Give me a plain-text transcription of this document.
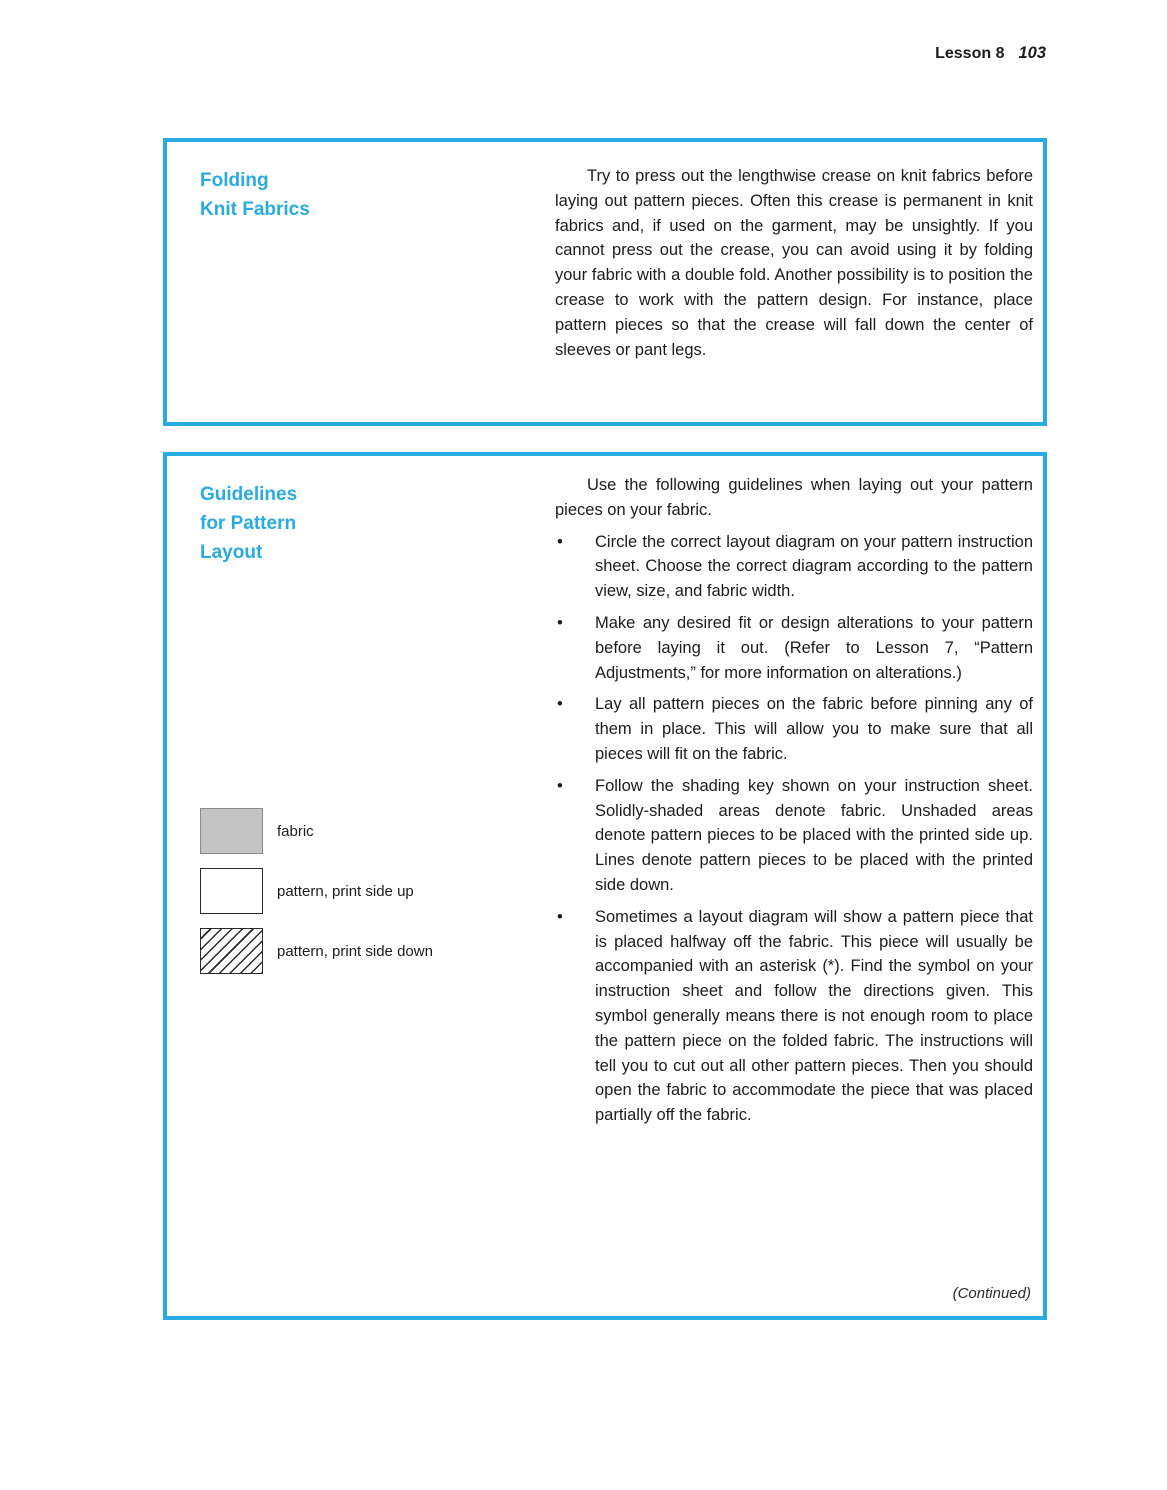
Lesson 8 103
Folding
Knit Fabrics

Try to press out the lengthwise crease on knit fabrics before laying out pattern pieces. Often this crease is permanent in knit fabrics and, if used on the garment, may be unsightly. If you cannot press out the crease, you can avoid using it by folding your fabric with a double fold. Another possibility is to position the crease to work with the pattern design. For instance, place pattern pieces so that the crease will fall down the center of sleeves or pant legs.

Guidelines
for Pattern
Layout

Use the following guidelines when laying out your pattern pieces on your fabric.

• Circle the correct layout diagram on your pattern instruction sheet. Choose the correct diagram according to the pattern view, size, and fabric width.
• Make any desired fit or design alterations to your pattern before laying it out. (Refer to Lesson 7, “Pattern Adjustments,” for more information on alterations.)
• Lay all pattern pieces on the fabric before pinning any of them in place. This will allow you to make sure that all pieces will fit on the fabric.
• Follow the shading key shown on your instruction sheet. Solidly-shaded areas denote fabric. Unshaded areas denote pattern pieces to be placed with the printed side up. Lines denote pattern pieces to be placed with the printed side down.
• Sometimes a layout diagram will show a pattern piece that is placed halfway off the fabric. This piece will usually be accompanied with an asterisk (*). Find the symbol on your instruction sheet and follow the directions given. This symbol generally means there is not enough room to place the pattern piece on the folded fabric. The instructions will tell you to cut out all other pattern pieces. Then you should open the fabric to accommodate the piece that was placed partially off the fabric.
fabric
pattern, print side up
pattern, print side down
(Continued)
